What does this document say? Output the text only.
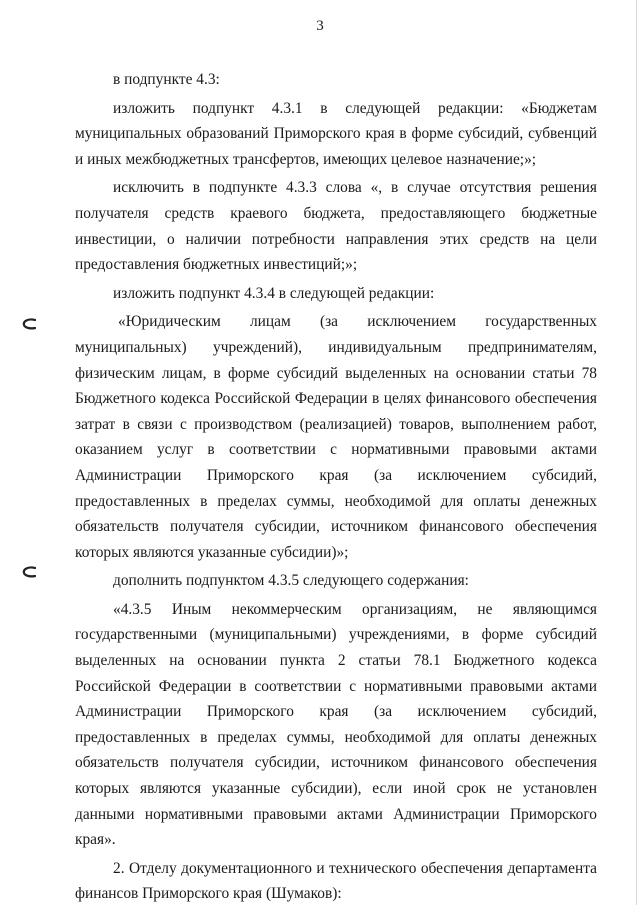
3

в подпункте 4.3:

изложить подпункт 4.3.1 в следующей редакции: «Бюджетам муниципальных образований Приморского края в форме субсидий, субвенций и иных межбюджетных трансфертов, имеющих целевое назначение;»;

исключить в подпункте 4.3.3 слова «, в случае отсутствия решения получателя средств краевого бюджета, предоставляющего бюджетные инвестиции, о наличии потребности направления этих средств на цели предоставления бюджетных инвестиций;»;

изложить подпункт 4.3.4 в следующей редакции:

«Юридическим лицам (за исключением государственных муниципальных) учреждений), индивидуальным предпринимателям, физическим лицам, в форме субсидий выделенных на основании статьи 78 Бюджетного кодекса Российской Федерации в целях финансового обеспечения затрат в связи с производством (реализацией) товаров, выполнением работ, оказанием услуг в соответствии с нормативными правовыми актами Администрации Приморского края (за исключением субсидий, предоставленных в пределах суммы, необходимой для оплаты денежных обязательств получателя субсидии, источником финансового обеспечения которых являются указанные субсидии)»;

дополнить подпунктом 4.3.5 следующего содержания:

«4.3.5 Иным некоммерческим организациям, не являющимся государственными (муниципальными) учреждениями, в форме субсидий выделенных на основании пункта 2 статьи 78.1 Бюджетного кодекса Российской Федерации в соответствии с нормативными правовыми актами Администрации Приморского края (за исключением субсидий, предоставленных в пределах суммы, необходимой для оплаты денежных обязательств получателя субсидии, источником финансового обеспечения которых являются указанные субсидии), если иной срок не установлен данными нормативными правовыми актами Администрации Приморского края».

2. Отделу документационного и технического обеспечения департамента финансов Приморского края (Шумаков):
